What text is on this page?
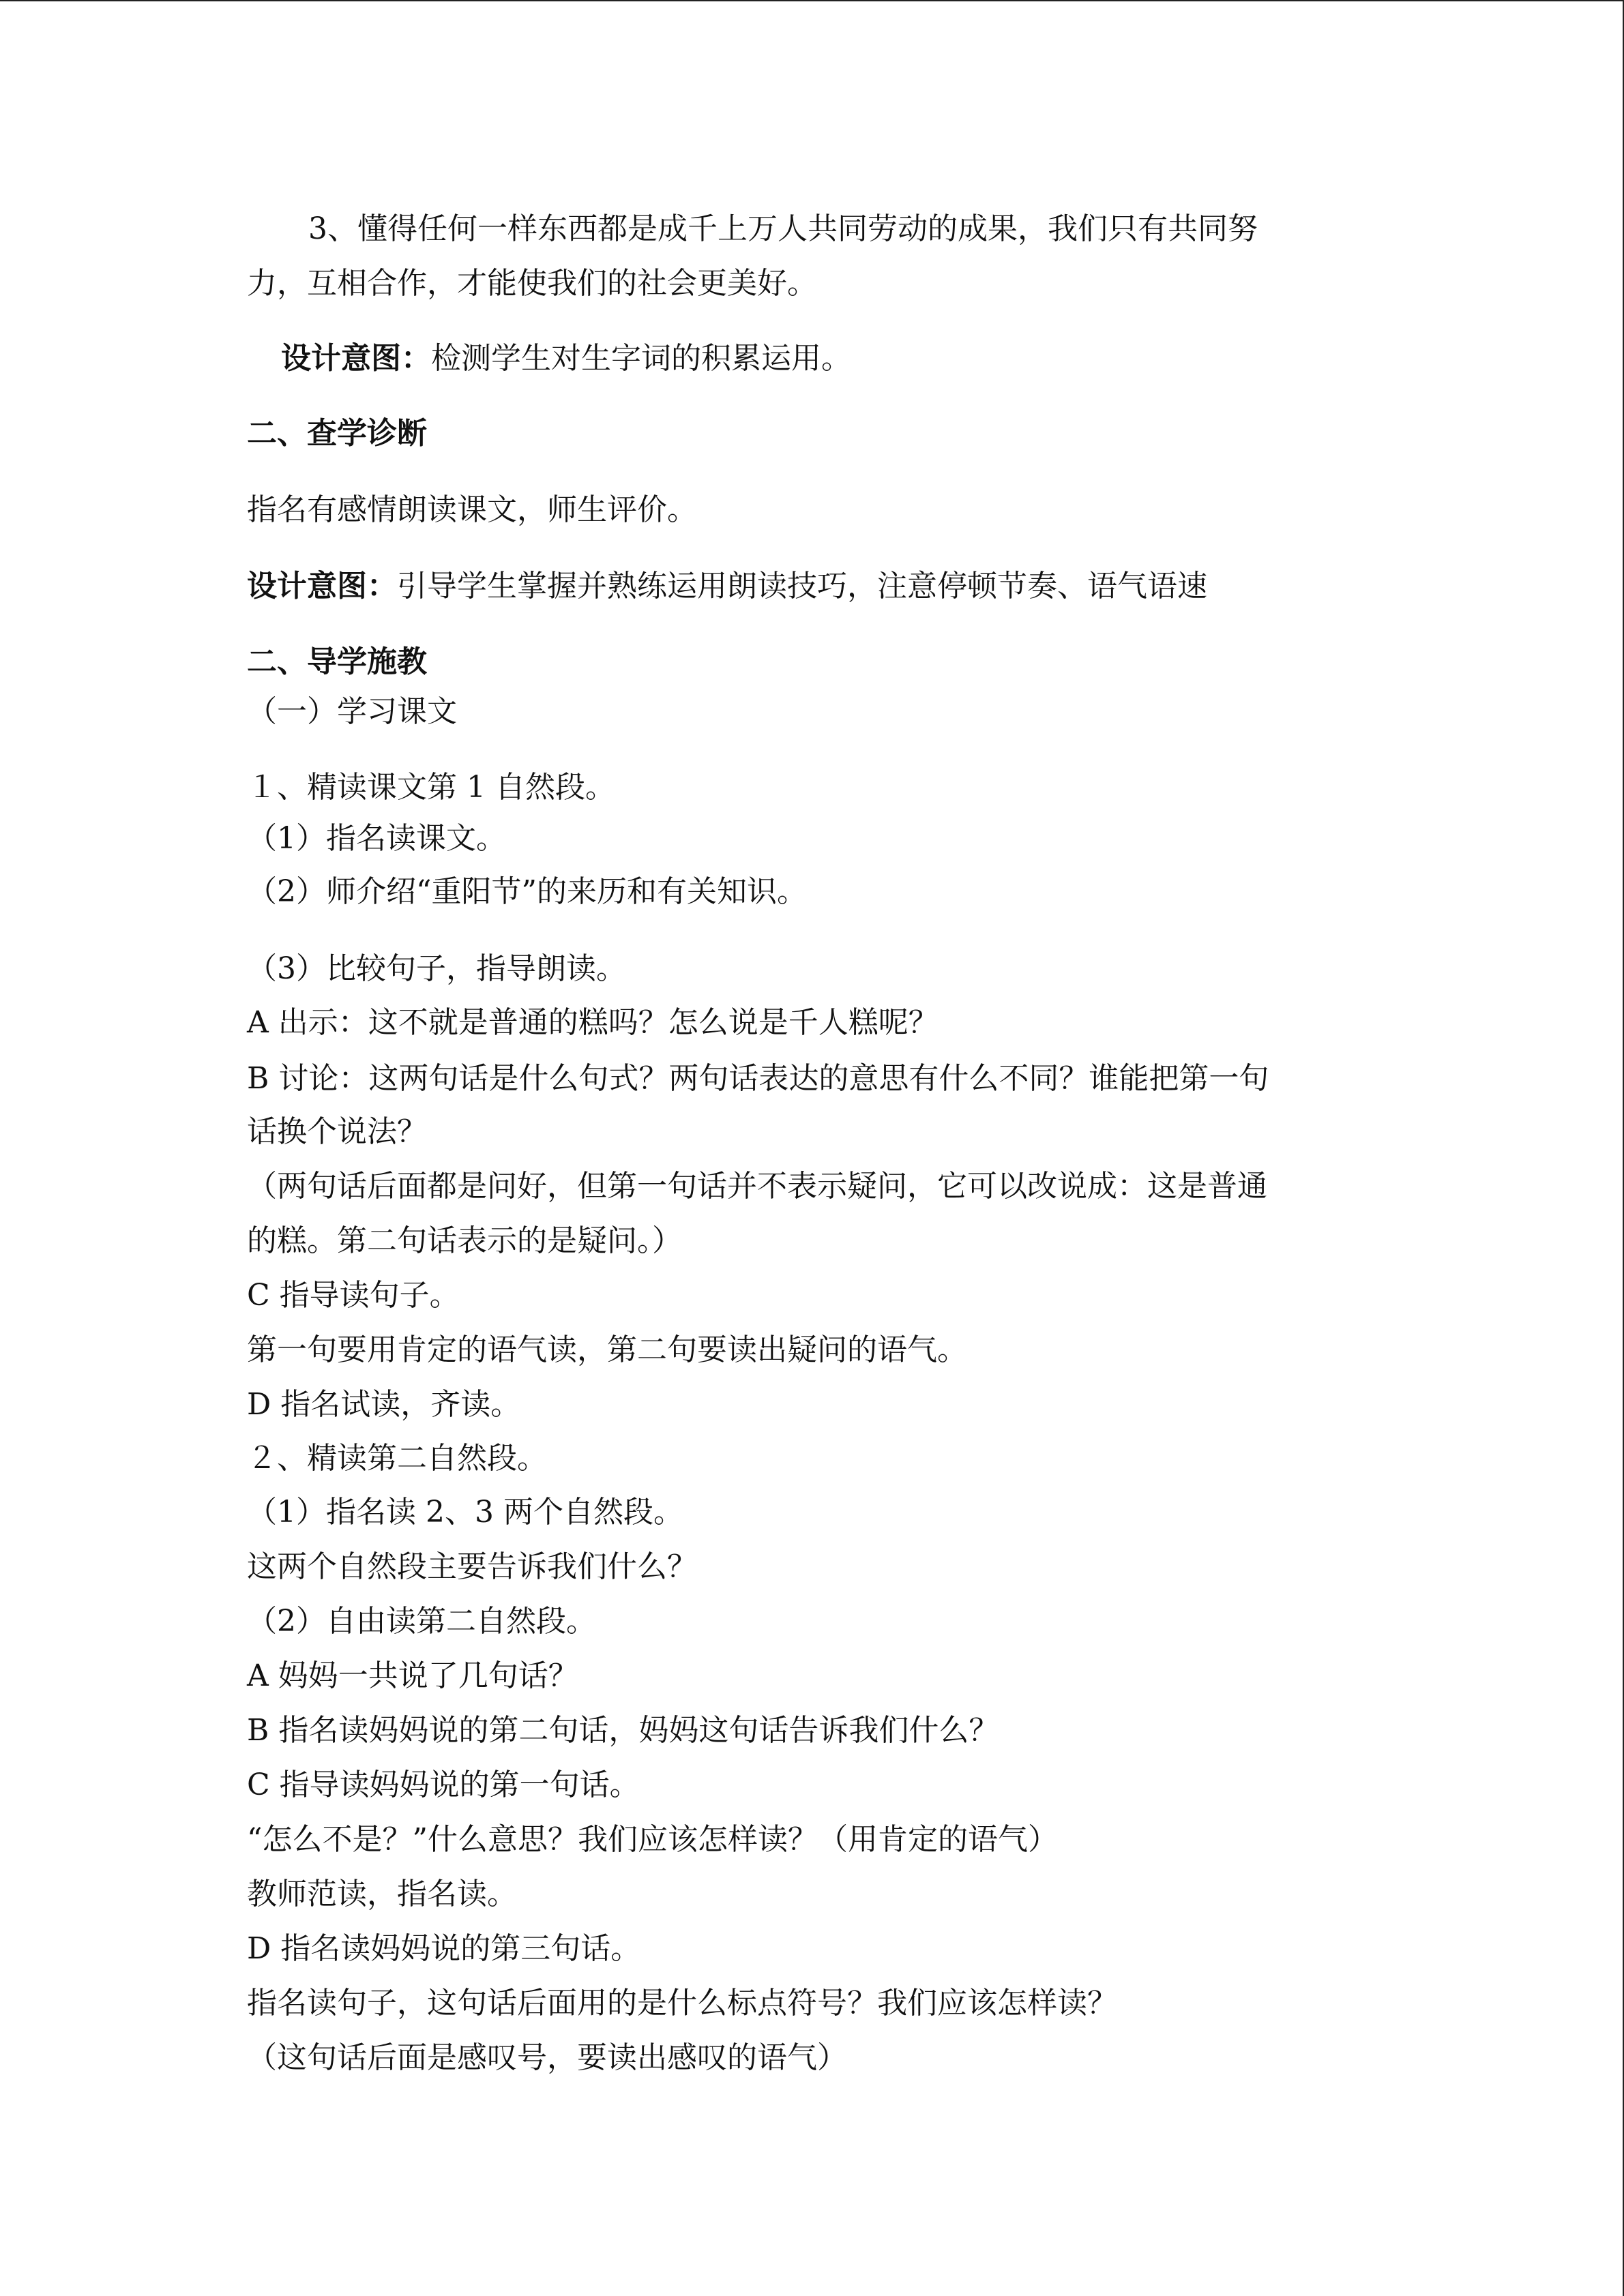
3、懂得任何一样东西都是成千上万人共同劳动的成果，我们只有共同努
力，互相合作，才能使我们的社会更美好。
设计意图：检测学生对生字词的积累运用。
二、查学诊断
指名有感情朗读课文，师生评价。
设计意图：引导学生掌握并熟练运用朗读技巧，注意停顿节奏、语气语速
二、导学施教
（一）学习课文
１、精读课文第 1 自然段。
（1）指名读课文。
（2）师介绍“重阳节”的来历和有关知识。
（3）比较句子，指导朗读。
A 出示：这不就是普通的糕吗？怎么说是千人糕呢？
B 讨论：这两句话是什么句式？两句话表达的意思有什么不同？谁能把第一句
话换个说法？
（两句话后面都是问好，但第一句话并不表示疑问，它可以改说成：这是普通
的糕。第二句话表示的是疑问。）
C 指导读句子。
第一句要用肯定的语气读，第二句要读出疑问的语气。
D 指名试读，齐读。
２、精读第二自然段。
（1）指名读 2、3 两个自然段。
这两个自然段主要告诉我们什么？
（2）自由读第二自然段。
A 妈妈一共说了几句话？
B 指名读妈妈说的第二句话，妈妈这句话告诉我们什么？
C 指导读妈妈说的第一句话。
“怎么不是？”什么意思？我们应该怎样读？（用肯定的语气）
教师范读，指名读。
D 指名读妈妈说的第三句话。
指名读句子，这句话后面用的是什么标点符号？我们应该怎样读？
（这句话后面是感叹号，要读出感叹的语气）
